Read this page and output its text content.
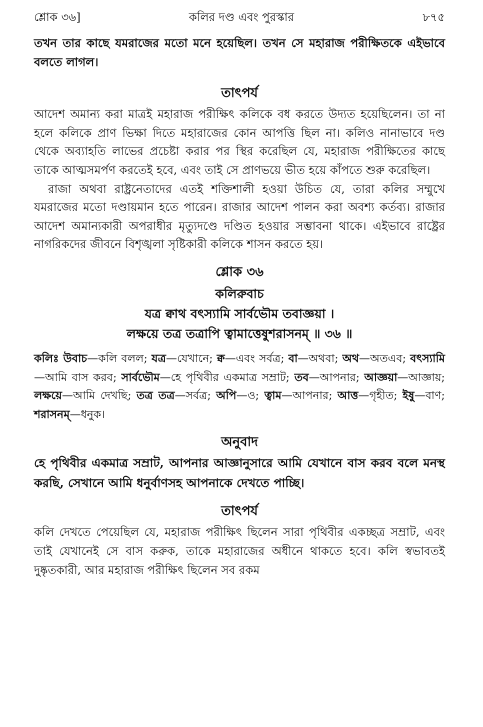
শ্লোক ৩৬]	কলির দণ্ড এবং পুরস্কার	৮৭৫

তখন তার কাছে যমরাজের মতো মনে হয়েছিল। তখন সে মহারাজ পরীক্ষিতকে এইভাবে বলতে লাগল।

তাৎপর্য

আদেশ অমান্য করা মাত্রই মহারাজ পরীক্ষিৎ কলিকে বধ করতে উদ্যত হয়েছিলেন। তা না হলে কলিকে প্রাণ ভিক্ষা দিতে মহারাজের কোন আপত্তি ছিল না। কলিও নানাভাবে দণ্ড থেকে অব্যাহতি লাভের প্রচেষ্টা করার পর স্থির করেছিল যে, মহারাজ পরীক্ষিতের কাছে তাকে আত্মসমর্পণ করতেই হবে, এবং তাই সে প্রাণভয়ে ভীত হয়ে কাঁপতে শুরু করেছিল।

রাজা অথবা রাষ্ট্রনেতাদের এতই শক্তিশালী হওয়া উচিত যে, তারা কলির সম্মুখে যমরাজের মতো দণ্ডায়মান হতে পারেন। রাজার আদেশ পালন করা অবশ্য কর্তব্য। রাজার আদেশ অমান্যকারী অপরাধীর মৃত্যুদণ্ডে দণ্ডিত হওয়ার সম্ভাবনা থাকে। এইভাবে রাষ্ট্রের নাগরিকদের জীবনে বিশৃঙ্খলা সৃষ্টিকারী কলিকে শাসন করতে হয়।

শ্লোক ৩৬
কলিরুবাচ
যত্র ক্বাথ বৎস্যামি সার্বভৌম তবাজ্ঞয়া ।
লক্ষয়ে তত্র তত্রাপি ত্বামাত্তেষুশরাসনম্ ॥ ৩৬ ॥

কলিঃ উবাচ—কলি বলল; যত্র—যেখানে; ক্ব—এবং সর্বত্র; বা—অথবা; অথ—অতএব; বৎস্যামি—আমি বাস করব; সার্বভৌম—হে পৃথিবীর একমাত্র সম্রাট; তব—আপনার; আজ্ঞয়া—আজ্ঞায়; লক্ষয়ে—আমি দেখছি; তত্র তত্র—সর্বত্র; অপি—ও; ত্বাম—আপনার; আত্ত—গৃহীত; ইষু—বাণ; শরাসনম্—ধনুক।

অনুবাদ

হে পৃথিবীর একমাত্র সম্রাট, আপনার আজ্ঞানুসারে আমি যেখানে বাস করব বলে মনস্থ করছি, সেখানে আমি ধনুর্বাণসহ আপনাকে দেখতে পাচ্ছি।

তাৎপর্য

কলি দেখতে পেয়েছিল যে, মহারাজ পরীক্ষিৎ ছিলেন সারা পৃথিবীর একচ্ছত্র সম্রাট, এবং তাই যেখানেই সে বাস করুক, তাকে মহারাজের অধীনে থাকতে হবে। কলি স্বভাবতই দুষ্কৃতকারী, আর মহারাজ পরীক্ষিৎ ছিলেন সব রকম
